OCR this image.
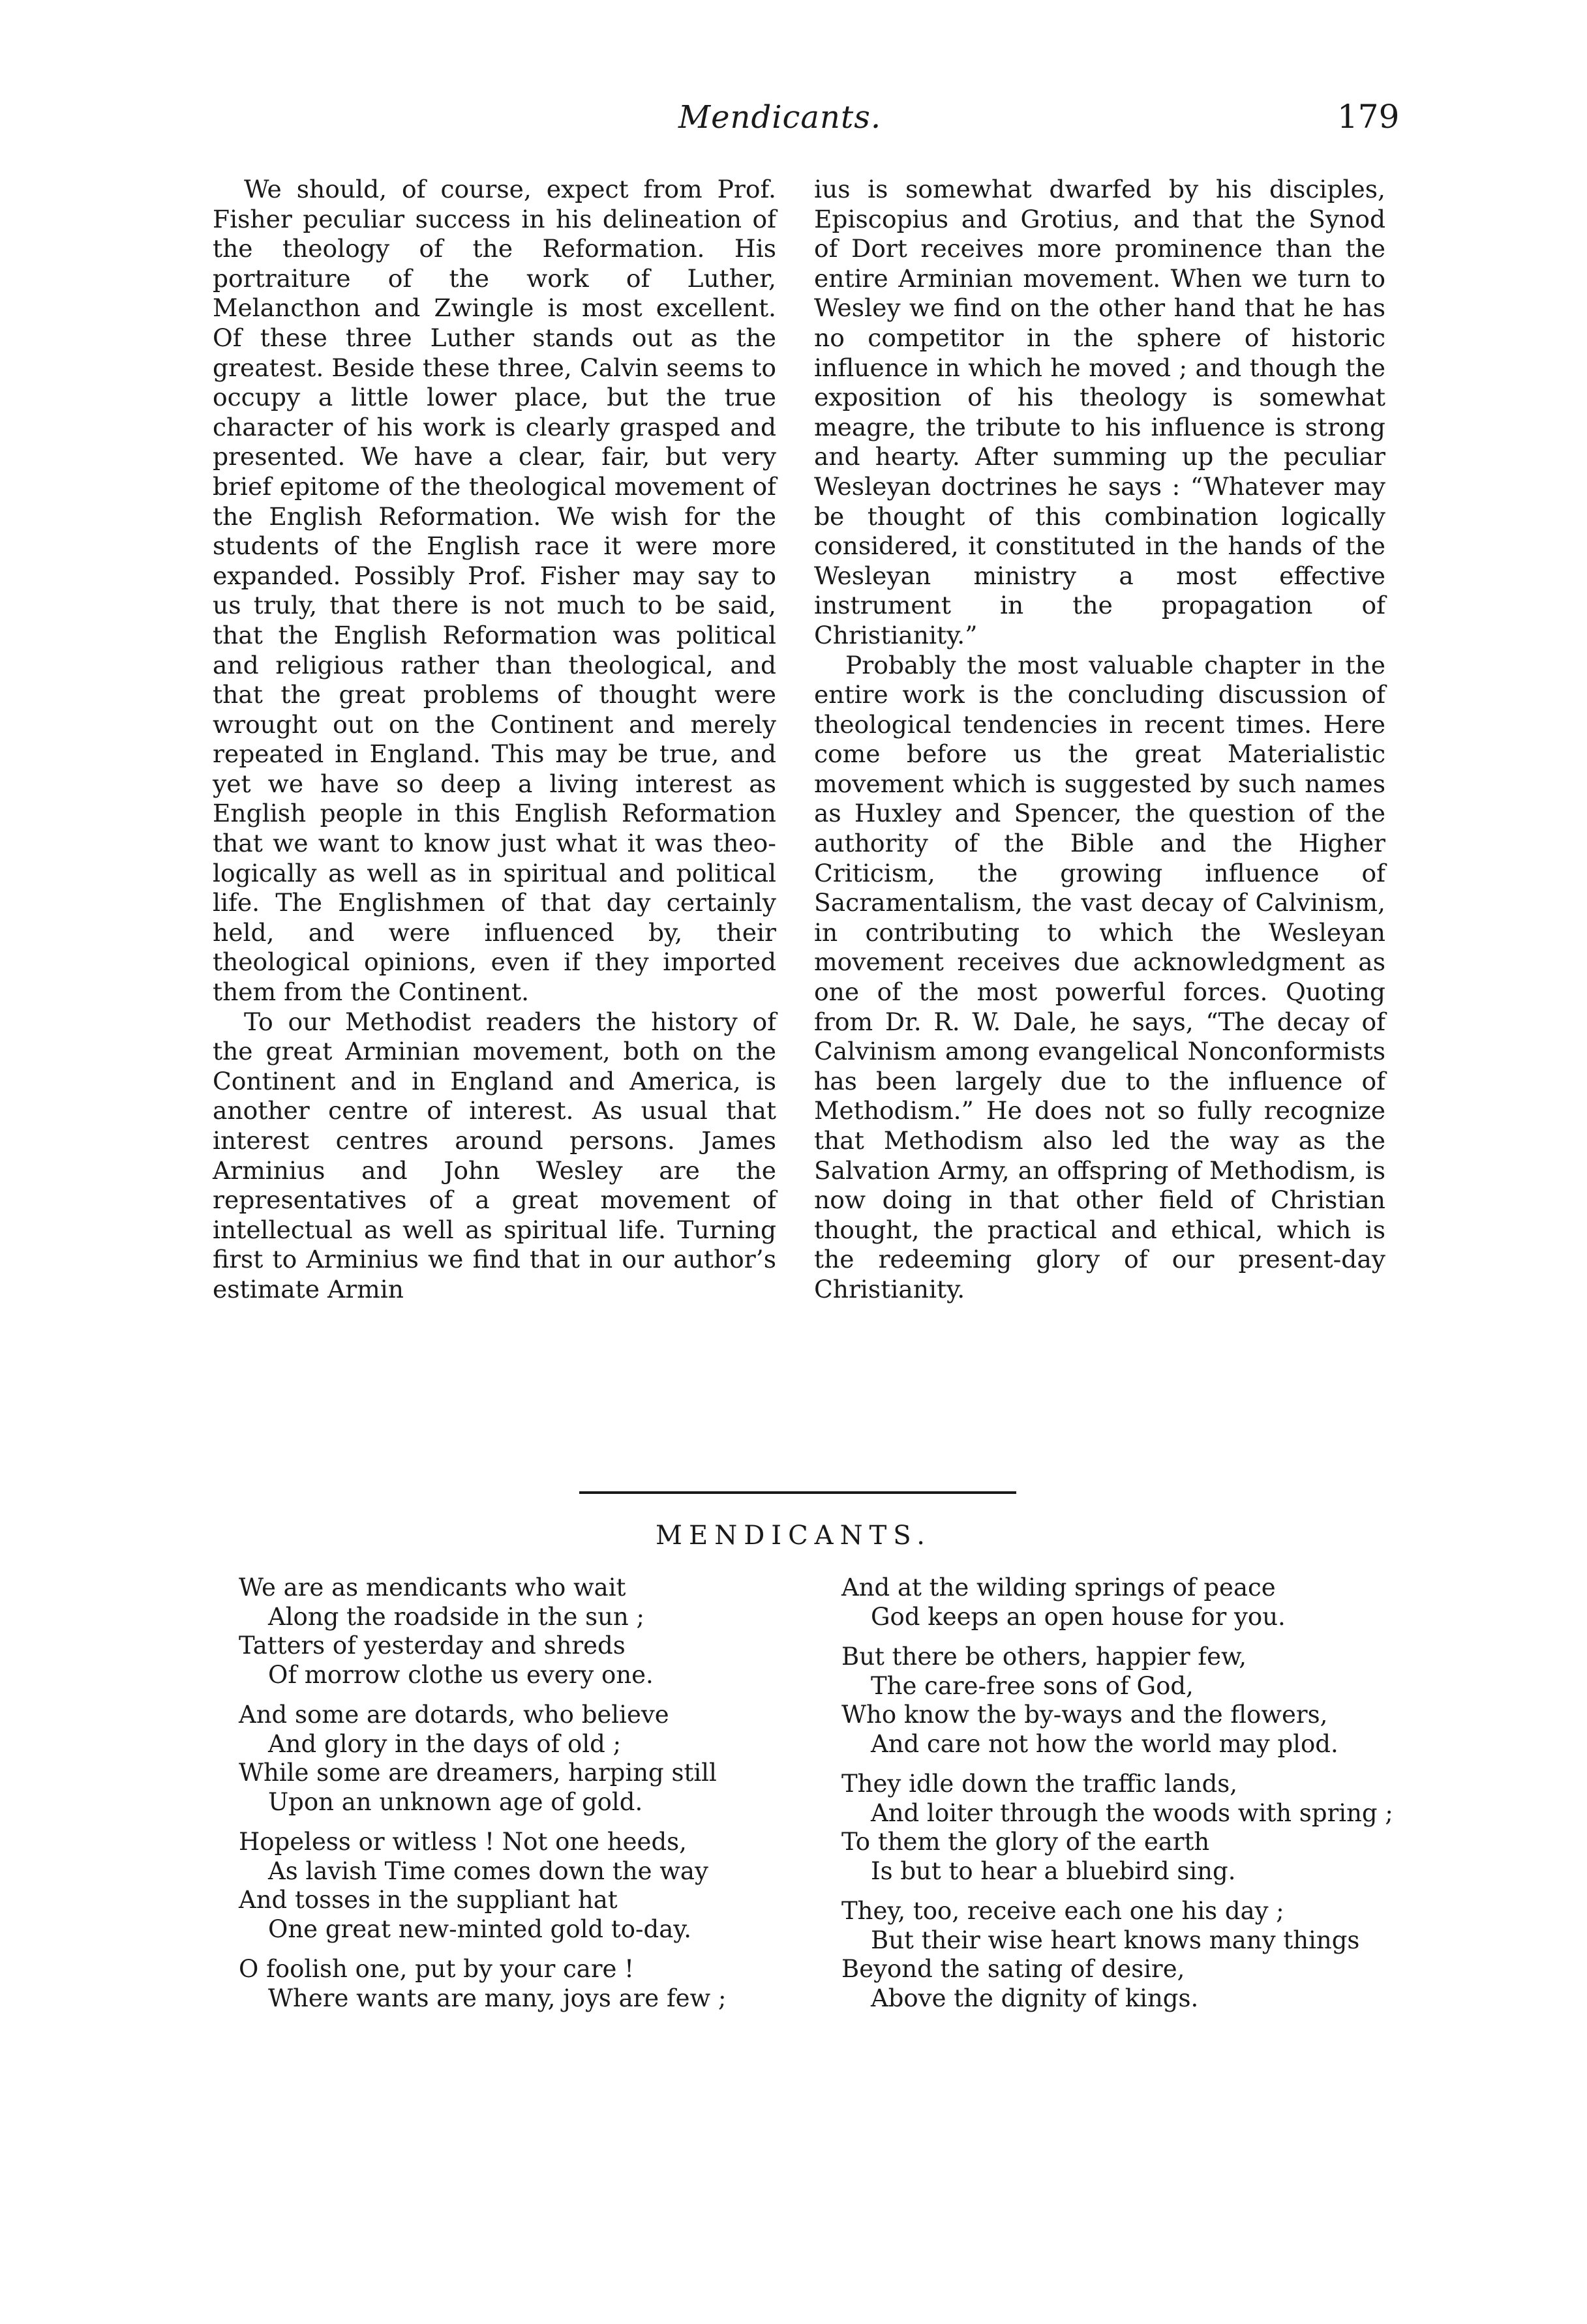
Mendicants.	179

We should, of course, expect from Prof. Fisher peculiar success in his delineation of the theology of the Reformation. His portraiture of the work of Luther, Melancthon and Zwingle is most excellent. Of these three Luther stands out as the greatest. Beside these three, Calvin seems to occupy a little lower place, but the true character of his work is clearly grasped and presented. We have a clear, fair, but very brief epitome of the theological movement of the English Reformation. We wish for the students of the English race it were more expanded. Possibly Prof. Fisher may say to us truly, that there is not much to be said, that the English Reformation was political and religious rather than theological, and that the great problems of thought were wrought out on the Continent and merely repeated in England. This may be true, and yet we have so deep a living interest as English people in this English Reformation that we want to know just what it was theologically as well as in spiritual and political life. The Englishmen of that day certainly held, and were influenced by, their theological opinions, even if they imported them from the Continent.

To our Methodist readers the history of the great Arminian movement, both on the Continent and in England and America, is another centre of interest. As usual that interest centres around persons. James Arminius and John Wesley are the representatives of a great movement of intellectual as well as spiritual life. Turning first to Arminius we find that in our author’s estimate Armin

ius is somewhat dwarfed by his disciples, Episcopius and Grotius, and that the Synod of Dort receives more prominence than the entire Arminian movement. When we turn to Wesley we find on the other hand that he has no competitor in the sphere of historic influence in which he moved ; and though the exposition of his theology is somewhat meagre, the tribute to his influence is strong and hearty. After summing up the peculiar Wesleyan doctrines he says : “Whatever may be thought of this combination logically considered, it constituted in the hands of the Wesleyan ministry a most effective instrument in the propagation of Christianity.”

Probably the most valuable chapter in the entire work is the concluding discussion of theological tendencies in recent times. Here come before us the great Materialistic movement which is suggested by such names as Huxley and Spencer, the question of the authority of the Bible and the Higher Criticism, the growing influence of Sacramentalism, the vast decay of Calvinism, in contributing to which the Wesleyan movement receives due acknowledgment as one of the most powerful forces. Quoting from Dr. R. W. Dale, he says, “The decay of Calvinism among evangelical Nonconformists has been largely due to the influence of Methodism.” He does not so fully recognize that Methodism also led the way as the Salvation Army, an offspring of Methodism, is now doing in that other field of Christian thought, the practical and ethical, which is the redeeming glory of our present-day Christianity.

MENDICANTS.
We are as mendicants who wait
Along the roadside in the sun ;
Tatters of yesterday and shreds
Of morrow clothe us every one.
And some are dotards, who believe
And glory in the days of old ;
While some are dreamers, harping still
Upon an unknown age of gold.
Hopeless or witless ! Not one heeds,
As lavish Time comes down the way
And tosses in the suppliant hat
One great new-minted gold to-day.
O foolish one, put by your care !
Where wants are many, joys are few ;
And at the wilding springs of peace
God keeps an open house for you.
But there be others, happier few,
The care-free sons of God,
Who know the by-ways and the flowers,
And care not how the world may plod.
They idle down the traffic lands,
And loiter through the woods with spring ;
To them the glory of the earth
Is but to hear a bluebird sing.
They, too, receive each one his day ;
But their wise heart knows many things
Beyond the sating of desire,
Above the dignity of kings.
